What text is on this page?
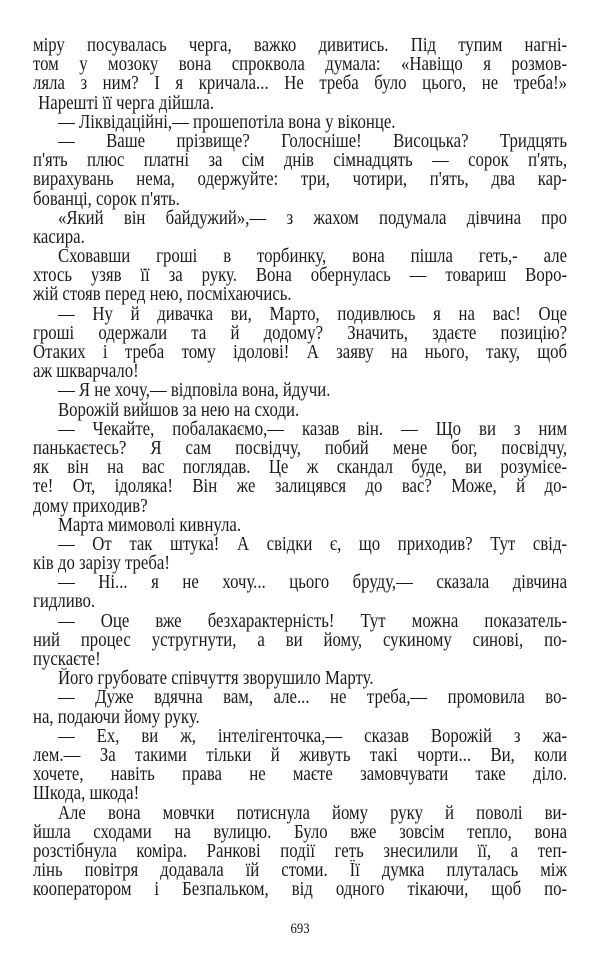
міру посувалась черга, важко дивитись. Під тупим нагні-
том у мозоку вона спроквола думала: «Навіщо я розмов-
ляла з ним? І я кричала... Не треба було цього, не треба!»
Нарешті її черга дійшла.
— Ліквідаційні,— прошепотіла вона у віконце.
— Ваше прізвище? Голосніше! Висоцька? Тридцять
п'ять плюс платні за сім днів сімнадцять — сорок п'ять,
вирахувань нема, одержуйте: три, чотири, п'ять, два кар-
бованці, сорок п'ять.
«Який він байдужий»,— з жахом подумала дівчина про
касира.
Сховавши гроші в торбинку, вона пішла геть,- але
хтось узяв її за руку. Вона обернулась — товариш Воро-
жій стояв перед нею, посміхаючись.
— Ну й дивачка ви, Марто, подивлюсь я на вас! Оце
гроші одержали та й додому? Значить, здаєте позицію?
Отаких і треба тому ідолові! А заяву на нього, таку, щоб
аж шкварчало!
— Я не хочу,— відповіла вона, йдучи.
Ворожій вийшов за нею на сходи.
— Чекайте, побалакаємо,— казав він. — Що ви з ним
панькаєтесь? Я сам посвідчу, побий мене бог, посвідчу,
як він на вас поглядав. Це ж скандал буде, ви розумієе-
те! От, ідоляка! Він же залицявся до вас? Може, й до-
дому приходив?
Марта мимоволі кивнула.
— От так штука! А свідки є, що приходив? Тут свід-
ків до зарізу треба!
— Ні... я не хочу... цього бруду,— сказала дівчина
гидливо.
— Оце вже безхарактерність! Тут можна показатель-
ний процес устругнути, а ви йому, сукиному синові, по-
пускаєте!
Його грубовате співчуття зворушило Марту.
— Дуже вдячна вам, але... не треба,— промовила во-
на, подаючи йому руку.
— Ех, ви ж, інтелігенточка,— сказав Ворожій з жа-
лем.— За такими тільки й живуть такі чорти... Ви, коли
хочете, навіть права не маєте замовчувати таке діло.
Шкода, шкода!
Але вона мовчки потиснула йому руку й поволі ви-
йшла сходами на вулицю. Було вже зовсім тепло, вона
розстібнула коміра. Ранкові події геть знесилили її, а теп-
лінь повітря додавала їй стоми. Її думка плуталась між
кооператором і Безпальком, від одного тікаючи, щоб по-
693
